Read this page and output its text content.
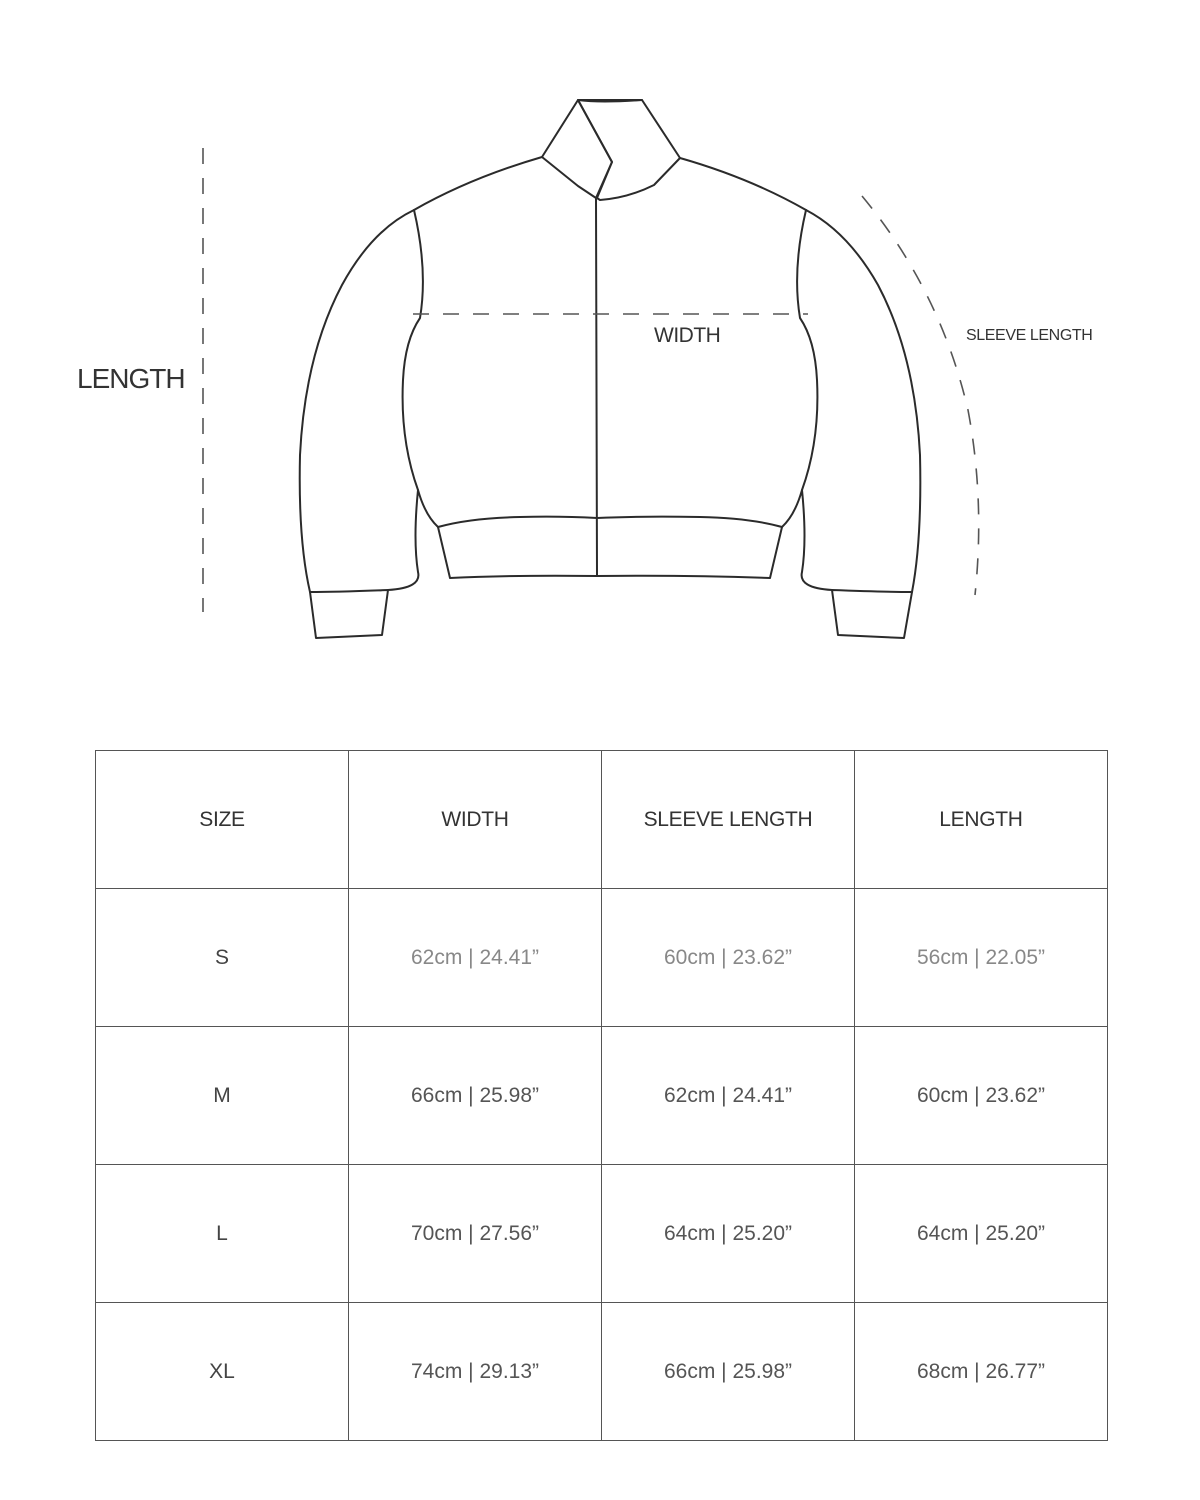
LENGTH
WIDTH	SLEEVE LENGTH
SIZE	WIDTH	SLEEVE LENGTH	LENGTH
S	62cm | 24.41”	60cm | 23.62”	56cm | 22.05”
M	66cm | 25.98”	62cm | 24.41”	60cm | 23.62”
L	70cm | 27.56”	64cm | 25.20”	64cm | 25.20”
XL	74cm | 29.13”	66cm | 25.98”	68cm | 26.77”
